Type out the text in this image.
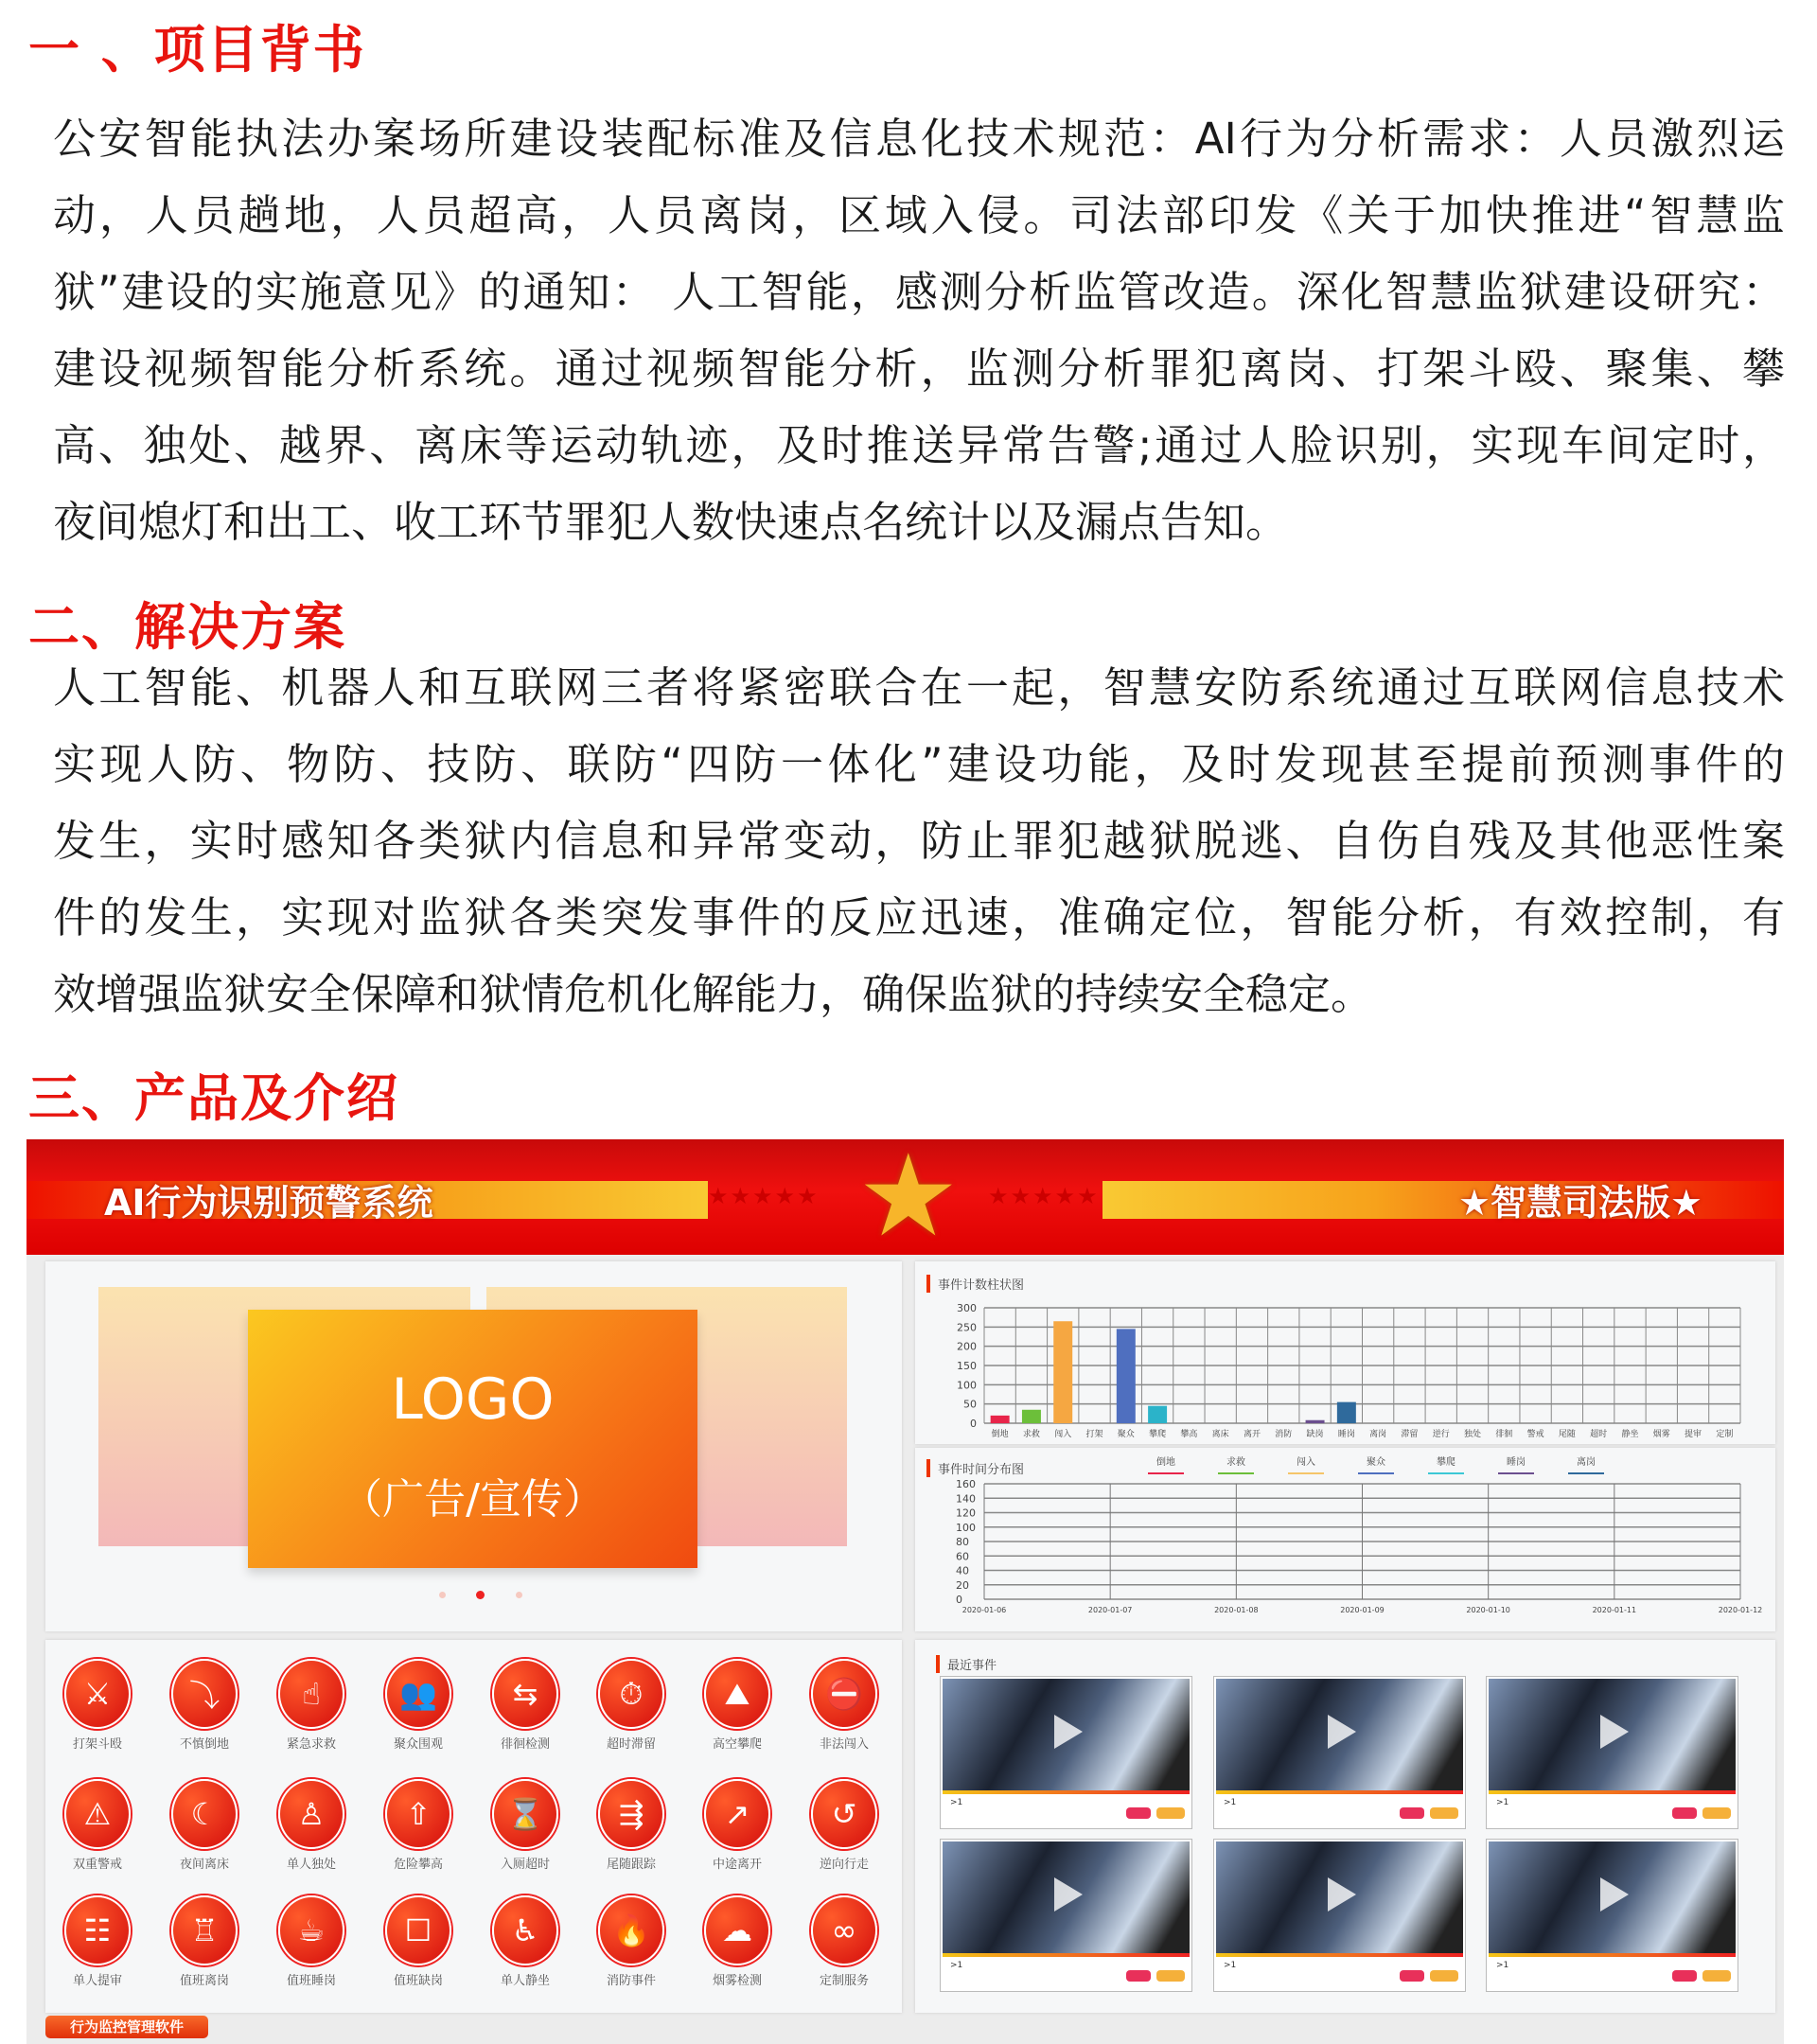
一 、项目背书
公安智能执法办案场所建设装配标准及信息化技术规范：AI行为分析需求：人员激烈运
动，人员趟地，人员超高，人员离岗，区域入侵。司法部印发《关于加快推进“智慧监
狱”建设的实施意见》的通知： 人工智能，感测分析监管改造。深化智慧监狱建设研究：
建设视频智能分析系统。通过视频智能分析，监测分析罪犯离岗、打架斗殴、聚集、攀
高、独处、越界、离床等运动轨迹，及时推送异常告警;通过人脸识别，实现车间定时，
夜间熄灯和出工、收工环节罪犯人数快速点名统计以及漏点告知。
二、解决方案
人工智能、机器人和互联网三者将紧密联合在一起，智慧安防系统通过互联网信息技术
实现人防、物防、技防、联防“四防一体化”建设功能，及时发现甚至提前预测事件的
发生，实时感知各类狱内信息和异常变动，防止罪犯越狱脱逃、自伤自残及其他恶性案
件的发生，实现对监狱各类突发事件的反应迅速，准确定位，智能分析，有效控制，有
效增强监狱安全保障和狱情危机化解能力，确保监狱的持续安全稳定。
三、产品及介绍
AI行为识别预警系统	★★★★★	★★★★★
★	★智慧司法版★
LOGO
（广告/宣传）
事件计数柱状图
0
50
100
150
200
250
300
倒地 求救 闯入 打架 聚众 攀爬 攀高 离床 离开 消防 缺岗 睡岗 离岗 滞留 逆行 独处 徘徊 警戒 尾随 超时 静坐 烟雾 提审 定制
事件时间分布图
0
20
40
60
80
100
120
140
160
2020-01-06	2020-01-07	2020-01-08	2020-01-09	2020-01-10	2020-01-11	2020-01-12
倒地	求救	闯入	聚众	攀爬	睡岗	离岗
⚔
打架斗殴
⤵
不慎倒地
☝
紧急求救
👥
聚众围观
⇆
徘徊检测
⏱
超时滞留
⛰
高空攀爬
⛔
非法闯入
⚠
双重警戒
☾
夜间离床
♙
单人独处
⇧
危险攀高
⌛
入厕超时
⇶
尾随跟踪
↗
中途离开
↺
逆向行走
☷
单人提审
♖
值班离岗
☕
值班睡岗
☐
值班缺岗
♿
单人静坐
🔥
消防事件
☁
烟雾检测
∞
定制服务
最近事件
>1	>1	>1
>1	>1	>1
行为监控管理软件
